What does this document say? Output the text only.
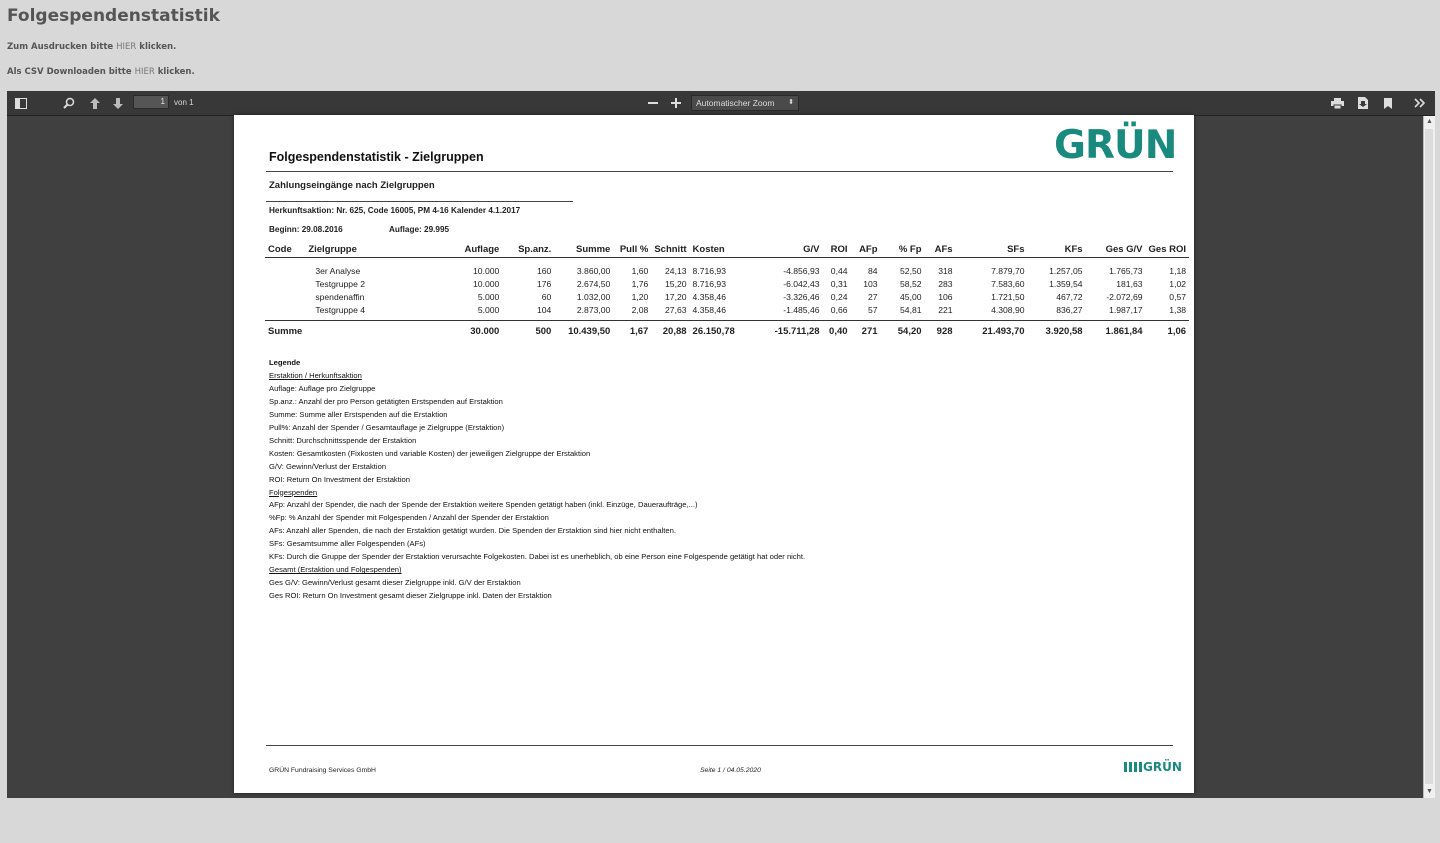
Folgespendenstatistik
Zum Ausdrucken bitte HIER klicken.
Als CSV Downloaden bitte HIER klicken.
1	von 1	Automatischer Zoom ⬍
Folgespendenstatistik - Zielgruppen	GRÜN
Zahlungseingänge nach Zielgruppen
Herkunftsaktion: Nr. 625, Code 16005, PM 4-16 Kalender 4.1.2017
Beginn: 29.08.2016	Auflage: 29.995
Code	Zielgruppe	Auflage	Sp.anz.	Summe	Pull %	Schnitt	Kosten	G/V	ROI	AFp	% Fp	AFs	SFs	KFs	Ges G/V	Ges ROI

	3er Analyse	10.000	160	3.860,00	1,60	24,13	8.716,93	-4.856,93	0,44	84	52,50	318	7.879,70	1.257,05	1.765,73	1,18
	Testgruppe 2	10.000	176	2.674,50	1,76	15,20	8.716,93	-6.042,43	0,31	103	58,52	283	7.583,60	1.359,54	181,63	1,02
	spendenaffin	5.000	60	1.032,00	1,20	17,20	4.358,46	-3.326,46	0,24	27	45,00	106	1.721,50	467,72	-2.072,69	0,57
	Testgruppe 4	5.000	104	2.873,00	2,08	27,63	4.358,46	-1.485,46	0,66	57	54,81	221	4.308,90	836,27	1.987,17	1,38

Summe		30.000	500	10.439,50	1,67	20,88	26.150,78	-15.711,28	0,40	271	54,20	928	21.493,70	3.920,58	1.861,84	1,06
Legende
Erstaktion / Herkunftsaktion
Auflage: Auflage pro Zielgruppe
Sp.anz.: Anzahl der pro Person getätigten Erstspenden auf Erstaktion
Summe: Summe aller Erstspenden auf die Erstaktion
Pull%: Anzahl der Spender / Gesamtauflage je Zielgruppe (Erstaktion)
Schnitt: Durchschnittsspende der Erstaktion
Kosten: Gesamtkosten (Fixkosten und variable Kosten) der jeweiligen Zielgruppe der Erstaktion
G/V: Gewinn/Verlust der Erstaktion
ROI: Return On Investment der Erstaktion
Folgespenden
AFp: Anzahl der Spender, die nach der Spende der Erstaktion weitere Spenden getätigt haben (inkl. Einzüge, Daueraufträge,...)
%Fp: % Anzahl der Spender mit Folgespenden / Anzahl der Spender der Erstaktion
AFs: Anzahl aller Spenden, die nach der Erstaktion getätigt wurden. Die Spenden der Erstaktion sind hier nicht enthalten.
SFs: Gesamtsumme aller Folgespenden (AFs)
KFs: Durch die Gruppe der Spender der Erstaktion verursachte Folgekosten. Dabei ist es unerheblich, ob eine Person eine Folgespende getätigt hat oder nicht.
Gesamt (Erstaktion und Folgespenden)
Ges G/V: Gewinn/Verlust gesamt dieser Zielgruppe inkl. G/V der Erstaktion
Ges ROI: Return On Investment gesamt dieser Zielgruppe inkl. Daten der Erstaktion
GRÜN Fundraising Services GmbH	Seite 1 / 04.05.2020	GRÜN
▲
▼
